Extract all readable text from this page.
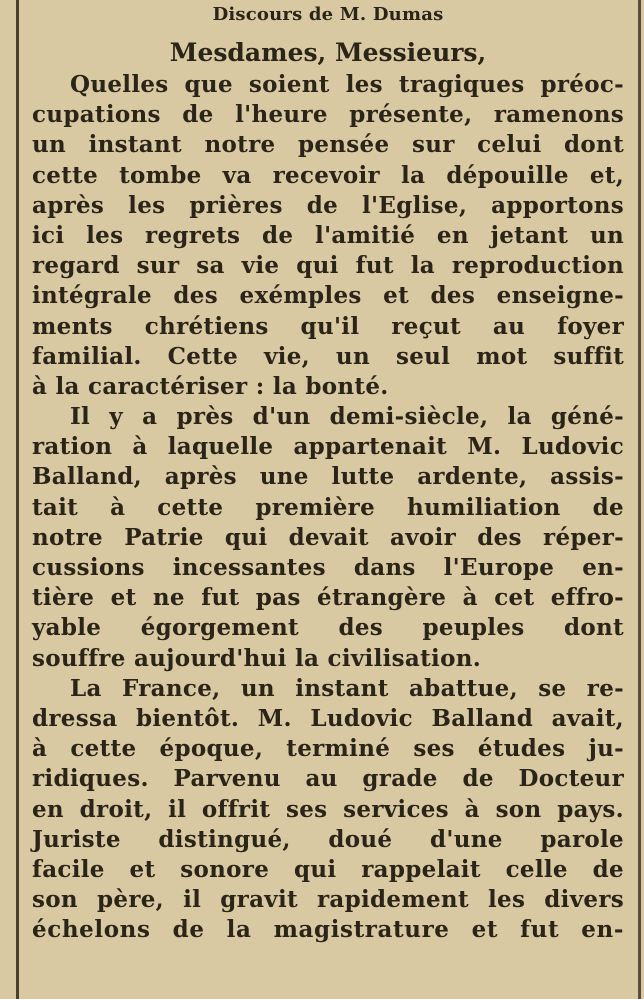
Discours de M. Dumas
Mesdames, Messieurs,
Quelles que soient les tragiques préoc-
cupations de l'heure présente, ramenons
un instant notre pensée sur celui dont
cette tombe va recevoir la dépouille et,
après les prières de l'Eglise, apportons
ici les regrets de l'amitié en jetant un
regard sur sa vie qui fut la reproduction
intégrale des exémples et des enseigne-
ments chrétiens qu'il reçut au foyer
familial. Cette vie, un seul mot suffit
à la caractériser : la bonté.
Il y a près d'un demi-siècle, la géné-
ration à laquelle appartenait M. Ludovic
Balland, après une lutte ardente, assis-
tait à cette première humiliation de
notre Patrie qui devait avoir des réper-
cussions incessantes dans l'Europe en-
tière et ne fut pas étrangère à cet effro-
yable égorgement des peuples dont
souffre aujourd'hui la civilisation.
La France, un instant abattue, se re-
dressa bientôt. M. Ludovic Balland avait,
à cette époque, terminé ses études ju-
ridiques. Parvenu au grade de Docteur
en droit, il offrit ses services à son pays.
Juriste distingué, doué d'une parole
facile et sonore qui rappelait celle de
son père, il gravit rapidement les divers
échelons de la magistrature et fut en-
